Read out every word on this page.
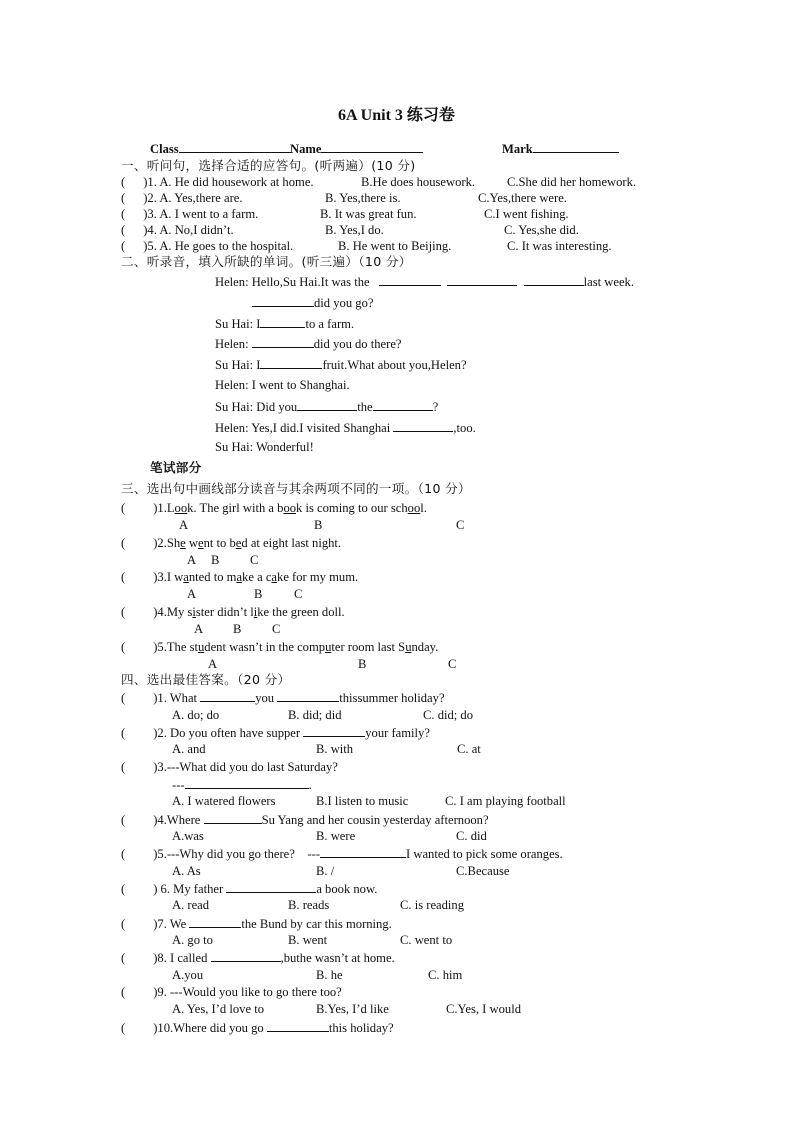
6A Unit 3 练习卷
Class	Name	Mark
一、听问句，选择合适的应答句。(听两遍）(10 分)
( )1. A. He did housework at home.	B.He does housework.	C.She did her homework.
( )2. A. Yes,there are.	B. Yes,there is.	C.Yes,there were.
( )3. A. I went to a farm.	B. It was great fun.	C.I went fishing.
( )4. A. No,I didn’t.	B. Yes,I do.	C. Yes,she did.
( )5. A. He goes to the hospital.	B. He went to Beijing.	C. It was interesting.
二、听录音，填入所缺的单词。(听三遍）（10 分）
Helen: Hello,Su Hai.It was the	last week.
did you go?
Su Hai: I	to a farm.
Helen:	did you do there?
Su Hai: I	fruit.What about you,Helen?
Helen: I went to Shanghai.
Su Hai: Did you	the	?
Helen: Yes,I did.I visited Shanghai	,too.
Su Hai: Wonderful!
笔试部分
三、选出句中画线部分读音与其余两项不同的一项。（10 分）
( )1.Look. The girl with a book is coming to our school.
A	B	C
( )2.She went to bed at eight last night.
A B C
( )3.I wanted to make a cake for my mum.
A	B	C
( )4.My sister didn’t like the green doll.
A B C
( )5.The student wasn’t in the computer room last Sunday.
A	B	C
四、选出最佳答案。（20 分）
( )1. What	you	thissummer holiday?
A. do; do	B. did; did	C. did; do
( )2. Do you often have supper	your family?
A. and	B. with	C. at
( )3.---What did you do last Saturday?
---	.
A. I watered flowers	B.I listen to music	C. I am playing football
( )4.Where	Su Yang and her cousin yesterday afternoon?
A.was	B. were	C. did
( )5.---Why did you go there? ---	I wanted to pick some oranges.
A. As	B. /	C.Because
( ) 6. My father	a book now.
A. read	B. reads	C. is reading
( )7. We	the Bund by car this morning.
A. go to	B. went	C. went to
( )8. I called	,buthe wasn’t at home.
A.you	B. he	C. him
( )9. ---Would you like to go there too?
A. Yes, I’d love to	B.Yes, I’d like	C.Yes, I would
( )10.Where did you go	this holiday?
